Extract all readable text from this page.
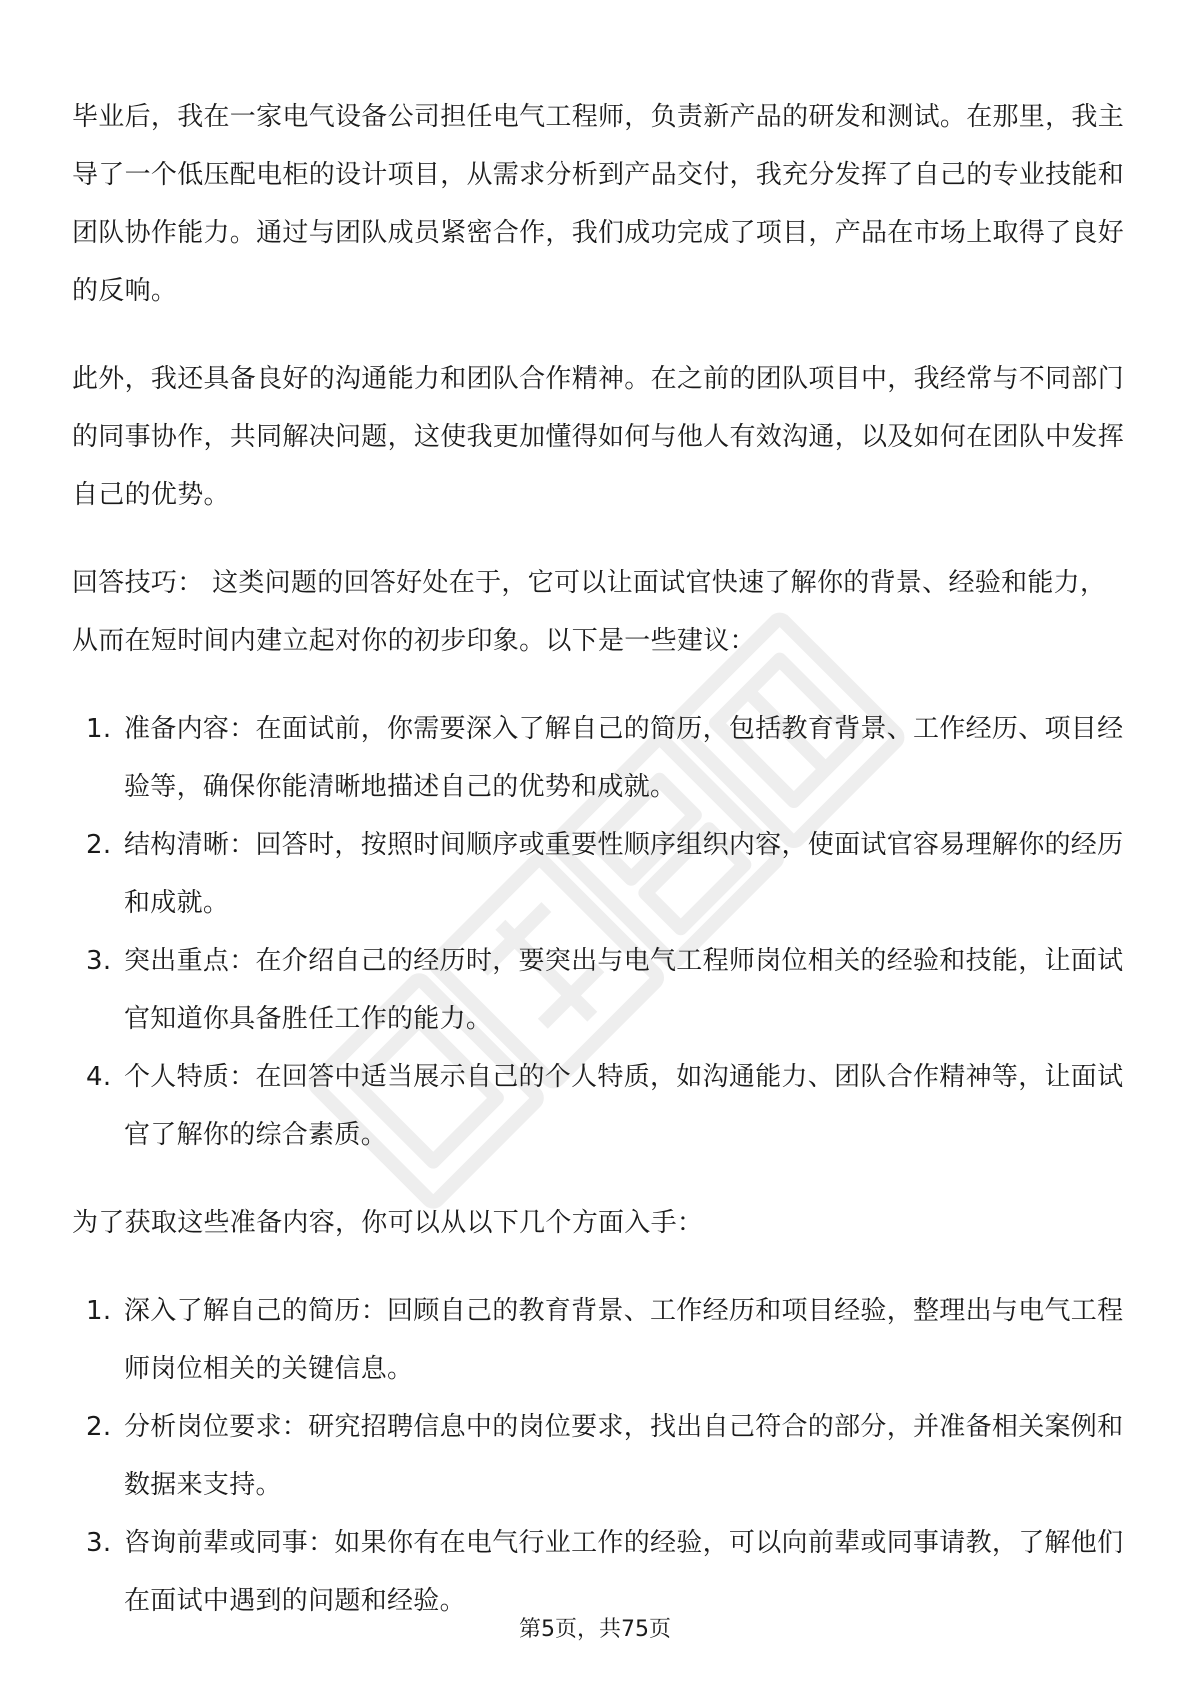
毕业后，我在一家电气设备公司担任电气工程师，负责新产品的研发和测试。在那里，我主导了一个低压配电柜的设计项目，从需求分析到产品交付，我充分发挥了自己的专业技能和团队协作能力。通过与团队成员紧密合作，我们成功完成了项目，产品在市场上取得了良好的反响。

此外，我还具备良好的沟通能力和团队合作精神。在之前的团队项目中，我经常与不同部门的同事协作，共同解决问题，这使我更加懂得如何与他人有效沟通，以及如何在团队中发挥自己的优势。

回答技巧： 这类问题的回答好处在于，它可以让面试官快速了解你的背景、经验和能力，从而在短时间内建立起对你的初步印象。以下是一些建议：

1. 准备内容：在面试前，你需要深入了解自己的简历，包括教育背景、工作经历、项目经验等，确保你能清晰地描述自己的优势和成就。
2. 结构清晰：回答时，按照时间顺序或重要性顺序组织内容，使面试官容易理解你的经历和成就。
3. 突出重点：在介绍自己的经历时，要突出与电气工程师岗位相关的经验和技能，让面试官知道你具备胜任工作的能力。
4. 个人特质：在回答中适当展示自己的个人特质，如沟通能力、团队合作精神等，让面试官了解你的综合素质。

为了获取这些准备内容，你可以从以下几个方面入手：

1. 深入了解自己的简历：回顾自己的教育背景、工作经历和项目经验，整理出与电气工程师岗位相关的关键信息。
2. 分析岗位要求：研究招聘信息中的岗位要求，找出自己符合的部分，并准备相关案例和数据来支持。
3. 咨询前辈或同事：如果你有在电气行业工作的经验，可以向前辈或同事请教，了解他们在面试中遇到的问题和经验。
第5页，共75页
